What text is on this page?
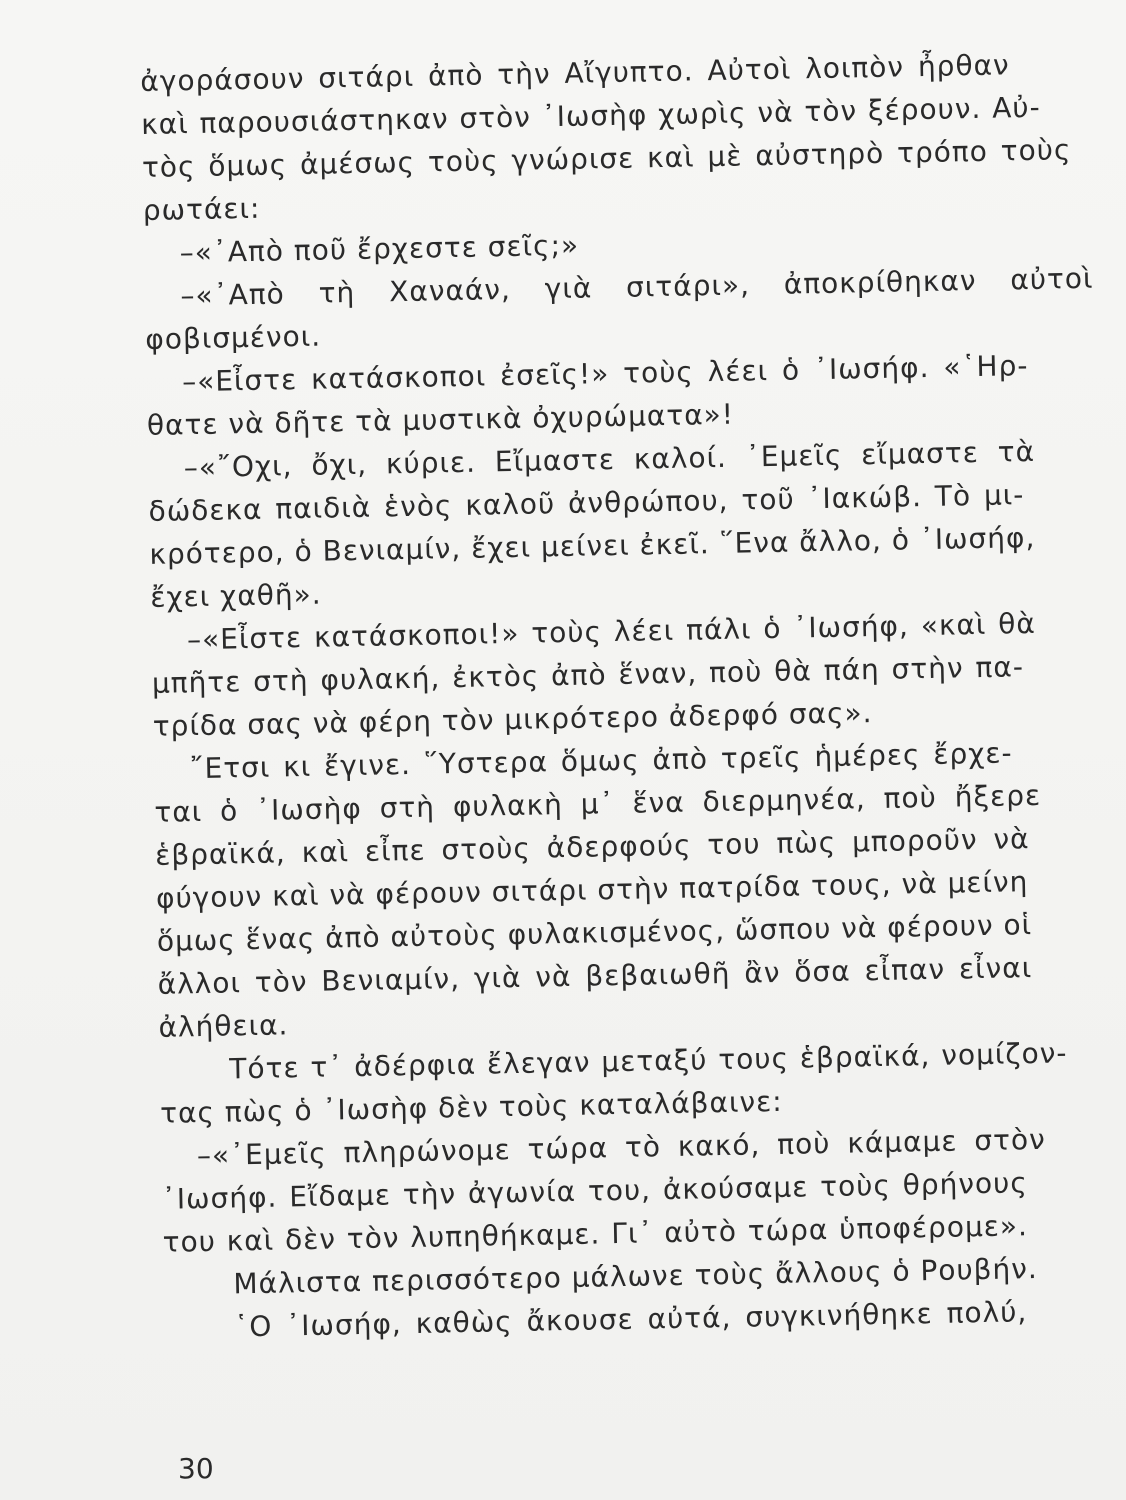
ἀγοράσουν σιτάρι ἀπὸ τὴν Αἴγυπτο. Αὐτοὶ λοιπὸν ἦρθαν
καὶ παρουσιάστηκαν στὸν ᾿Ιωσὴφ χωρὶς νὰ τὸν ξέρουν. Αὐ-
τὸς ὅμως ἀμέσως τοὺς γνώρισε καὶ μὲ αὐστηρὸ τρόπο τοὺς
ρωτάει:
–«᾿Απὸ ποῦ ἔρχεστε σεῖς;»
–«᾿Απὸ τὴ Χαναάν, γιὰ σιτάρι», ἀποκρίθηκαν αὐτοὶ
φοβισμένοι.
–«Εἶστε κατάσκοποι ἐσεῖς!» τοὺς λέει ὁ ᾿Ιωσήφ. «῾Ηρ-
θατε νὰ δῆτε τὰ μυστικὰ ὀχυρώματα»!
–«῎Οχι, ὄχι, κύριε. Εἴμαστε καλοί. ᾿Εμεῖς εἴμαστε τὰ
δώδεκα παιδιὰ ἑνὸς καλοῦ ἀνθρώπου, τοῦ ᾿Ιακώβ. Τὸ μι-
κρότερο, ὁ Βενιαμίν, ἔχει μείνει ἐκεῖ. ῞Ενα ἄλλο, ὁ ᾿Ιωσήφ,
ἔχει χαθῆ».
–«Εἶστε κατάσκοποι!» τοὺς λέει πάλι ὁ ᾿Ιωσήφ, «καὶ θὰ
μπῆτε στὴ φυλακή, ἐκτὸς ἀπὸ ἕναν, ποὺ θὰ πάη στὴν πα-
τρίδα σας νὰ φέρη τὸν μικρότερο ἀδερφό σας».
῎Ετσι κι ἔγινε. ῞Υστερα ὅμως ἀπὸ τρεῖς ἡμέρες ἔρχε-
ται ὁ ᾿Ιωσὴφ στὴ φυλακὴ μ᾿ ἕνα διερμηνέα, ποὺ ἤξερε
ἑβραϊκά, καὶ εἶπε στοὺς ἀδερφούς του πὼς μποροῦν νὰ
φύγουν καὶ νὰ φέρουν σιτάρι στὴν πατρίδα τους, νὰ μείνη
ὅμως ἕνας ἀπὸ αὐτοὺς φυλακισμένος, ὥσπου νὰ φέρουν οἱ
ἄλλοι τὸν Βενιαμίν, γιὰ νὰ βεβαιωθῆ ἂν ὅσα εἶπαν εἶναι
ἀλήθεια.
Τότε τ᾿ ἀδέρφια ἔλεγαν μεταξύ τους ἑβραϊκά, νομίζον-
τας πὼς ὁ ᾿Ιωσὴφ δὲν τοὺς καταλάβαινε:
–«᾿Εμεῖς πληρώνομε τώρα τὸ κακό, ποὺ κάμαμε στὸν
᾿Ιωσήφ. Εἴδαμε τὴν ἀγωνία του, ἀκούσαμε τοὺς θρήνους
του καὶ δὲν τὸν λυπηθήκαμε. Γι᾿ αὐτὸ τώρα ὑποφέρομε».
Μάλιστα περισσότερο μάλωνε τοὺς ἄλλους ὁ Ρουβήν.
῾Ο ᾿Ιωσήφ, καθὼς ἄκουσε αὐτά, συγκινήθηκε πολύ,
30
